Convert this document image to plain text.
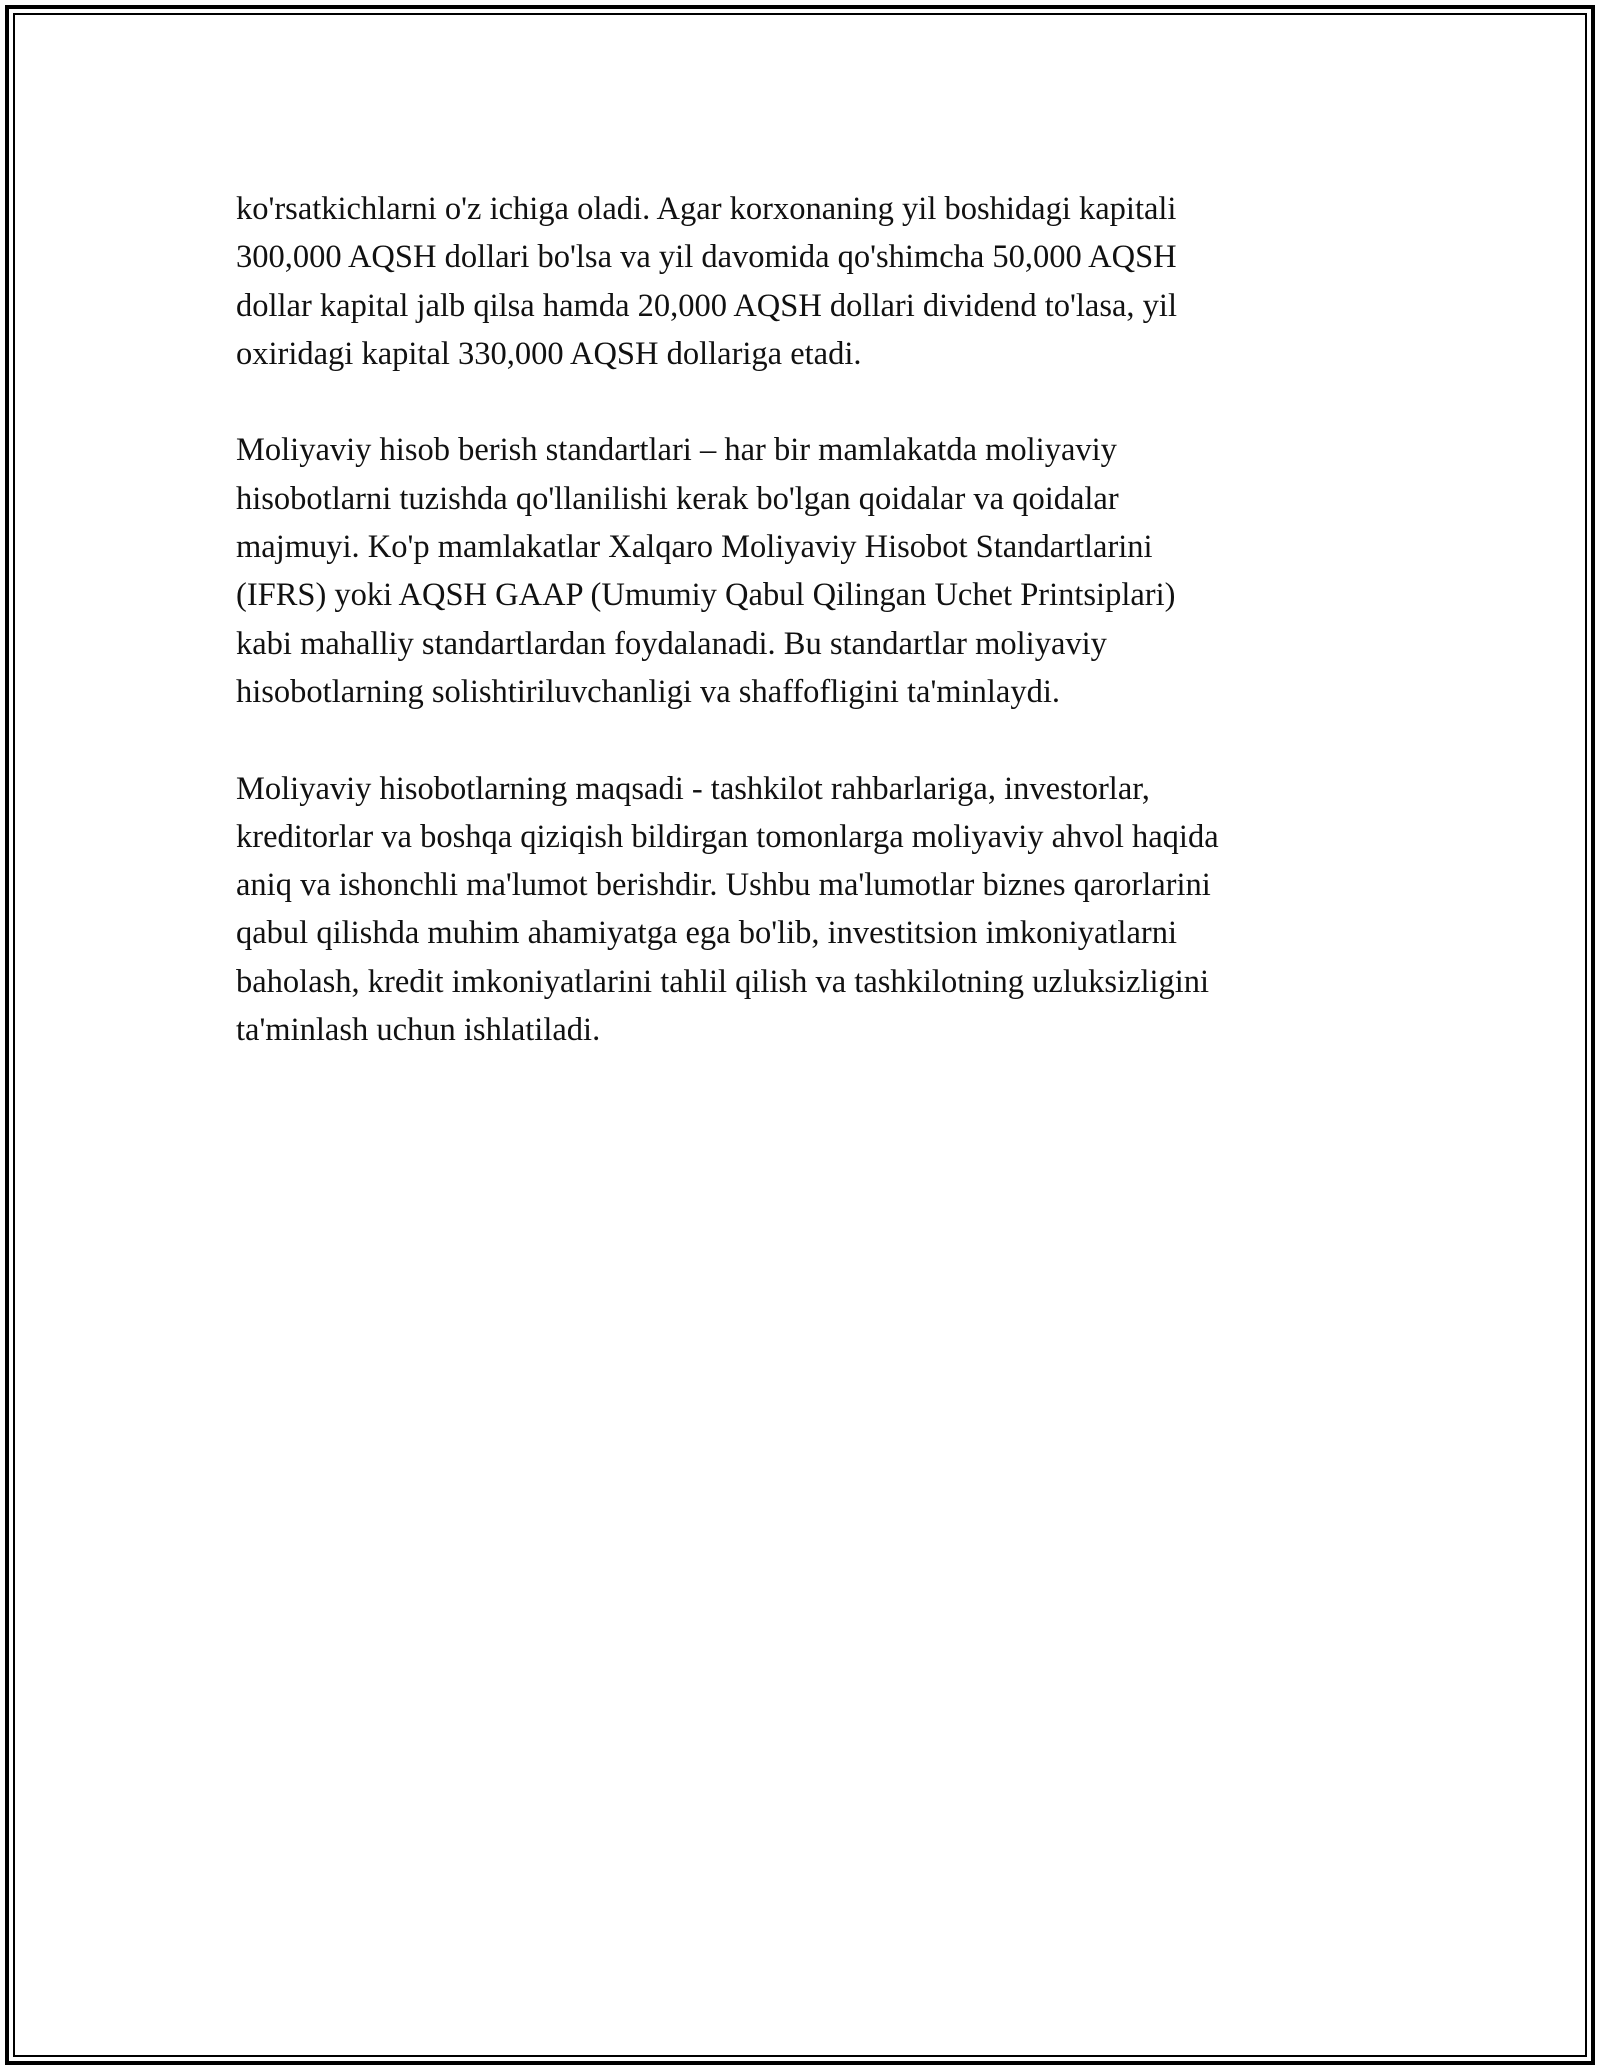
ko'rsatkichlarni o'z ichiga oladi. Agar korxonaning yil boshidagi kapitali
300,000 AQSH dollari bo'lsa va yil davomida qo'shimcha 50,000 AQSH
dollar kapital jalb qilsa hamda 20,000 AQSH dollari dividend to'lasa, yil
oxiridagi kapital 330,000 AQSH dollariga etadi.

Moliyaviy hisob berish standartlari – har bir mamlakatda moliyaviy
hisobotlarni tuzishda qo'llanilishi kerak bo'lgan qoidalar va qoidalar
majmuyi. Ko'p mamlakatlar Xalqaro Moliyaviy Hisobot Standartlarini
(IFRS) yoki AQSH GAAP (Umumiy Qabul Qilingan Uchet Printsiplari)
kabi mahalliy standartlardan foydalanadi. Bu standartlar moliyaviy
hisobotlarning solishtiriluvchanligi va shaffofligini ta'minlaydi.

Moliyaviy hisobotlarning maqsadi - tashkilot rahbarlariga, investorlar,
kreditorlar va boshqa qiziqish bildirgan tomonlarga moliyaviy ahvol haqida
aniq va ishonchli ma'lumot berishdir. Ushbu ma'lumotlar biznes qarorlarini
qabul qilishda muhim ahamiyatga ega bo'lib, investitsion imkoniyatlarni
baholash, kredit imkoniyatlarini tahlil qilish va tashkilotning uzluksizligini
ta'minlash uchun ishlatiladi.
